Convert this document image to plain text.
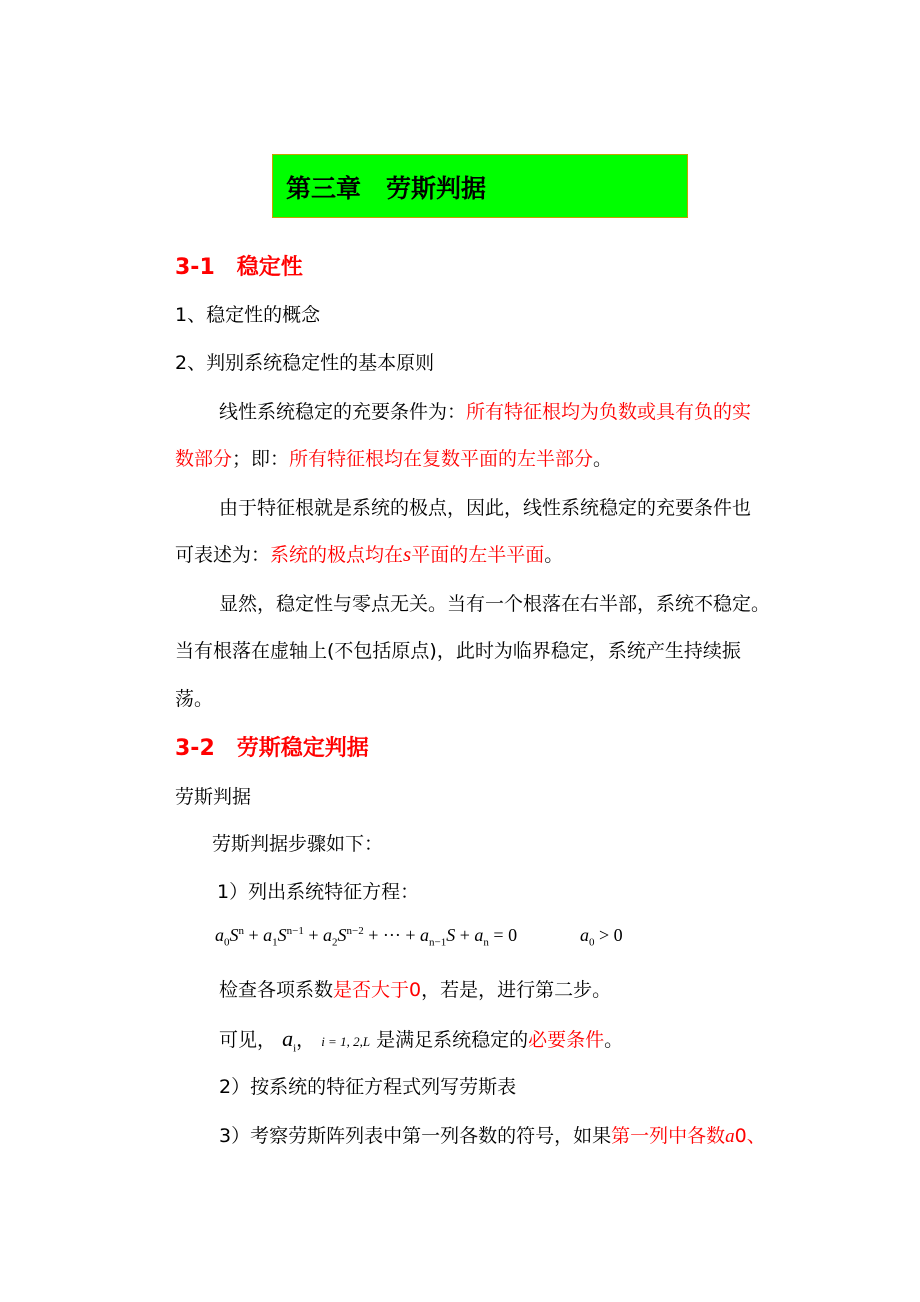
第三章　劳斯判据
3-1　稳定性
1、稳定性的概念
2、判别系统稳定性的基本原则
线性系统稳定的充要条件为：所有特征根均为负数或具有负的实
数部分；即：所有特征根均在复数平面的左半部分。
由于特征根就是系统的极点，因此，线性系统稳定的充要条件也
可表述为：系统的极点均在s平面的左半平面。
显然，稳定性与零点无关。当有一个根落在右半部，系统不稳定。
当有根落在虚轴上(不包括原点)，此时为临界稳定，系统产生持续振
荡。
3-2　劳斯稳定判据
劳斯判据
劳斯判据步骤如下：
1）列出系统特征方程：
$a_0S^n + a_1S^{n-1} + a_2S^{n-2}$ + ··· + $a_{n-1}S + a_n = 0$	$a_0 > 0$
检查各项系数是否大于0，若是，进行第二步。
可见， $a_i$， i = 1, 2,L 是满足系统稳定的必要条件。
2）按系统的特征方程式列写劳斯表
3）考察劳斯阵列表中第一列各数的符号，如果第一列中各数a0、
